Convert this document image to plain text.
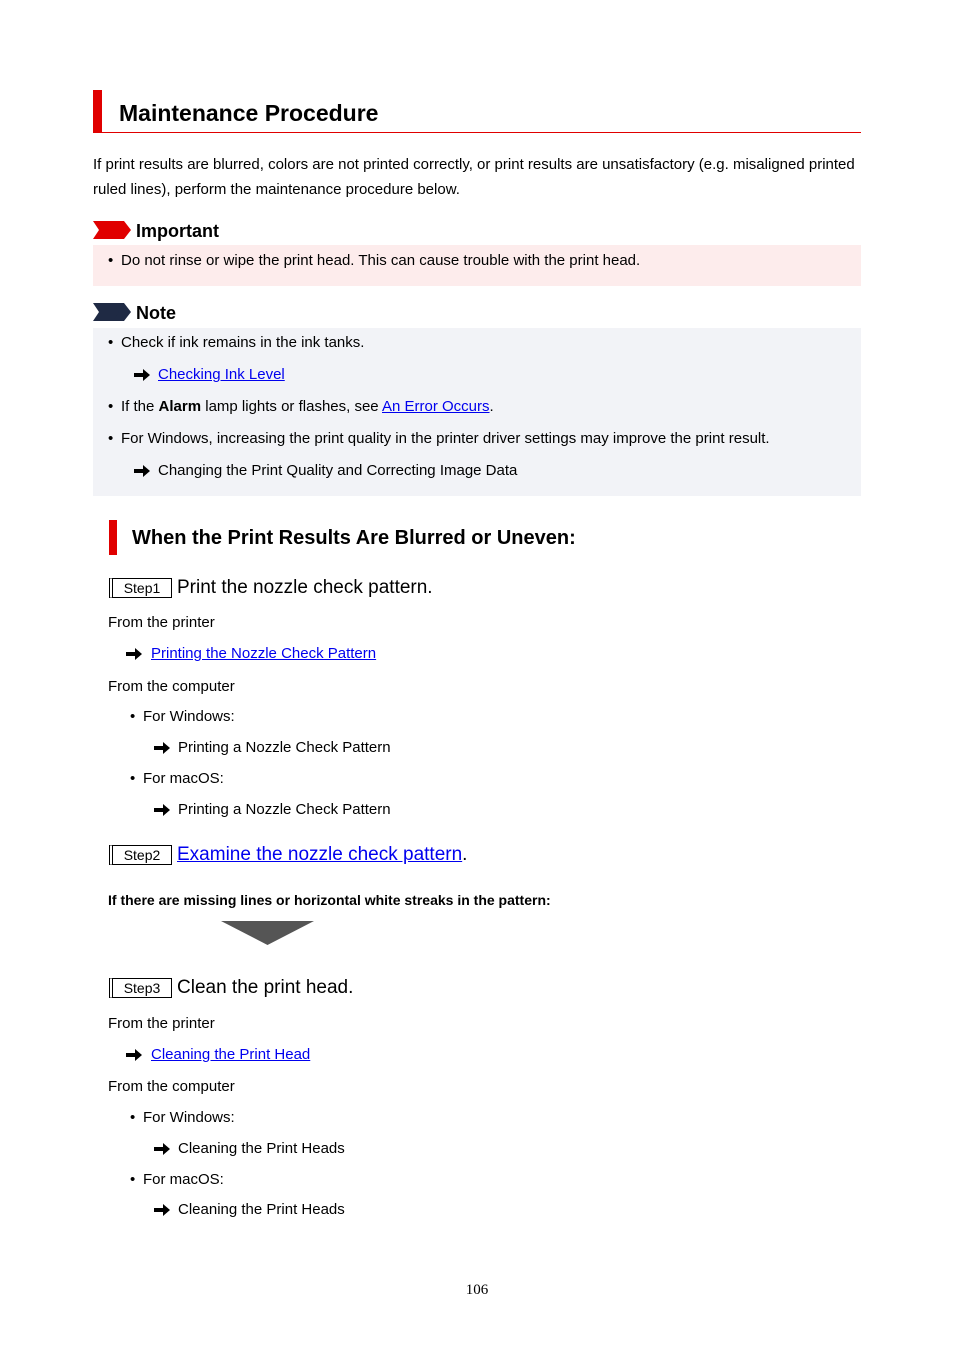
Maintenance Procedure
If print results are blurred, colors are not printed correctly, or print results are unsatisfactory (e.g. misaligned printed ruled lines), perform the maintenance procedure below.
Important
• Do not rinse or wipe the print head. This can cause trouble with the print head.
Note
• Check if ink remains in the ink tanks.
Checking Ink Level
• If the Alarm lamp lights or flashes, see An Error Occurs.
• For Windows, increasing the print quality in the printer driver settings may improve the print result.
Changing the Print Quality and Correcting Image Data
When the Print Results Are Blurred or Uneven:
Step1 Print the nozzle check pattern.
From the printer
Printing the Nozzle Check Pattern
From the computer
• For Windows:
Printing a Nozzle Check Pattern
• For macOS:
Printing a Nozzle Check Pattern
Step2 Examine the nozzle check pattern.
If there are missing lines or horizontal white streaks in the pattern:
Step3 Clean the print head.
From the printer
Cleaning the Print Head
From the computer
• For Windows:
Cleaning the Print Heads
• For macOS:
Cleaning the Print Heads
106
